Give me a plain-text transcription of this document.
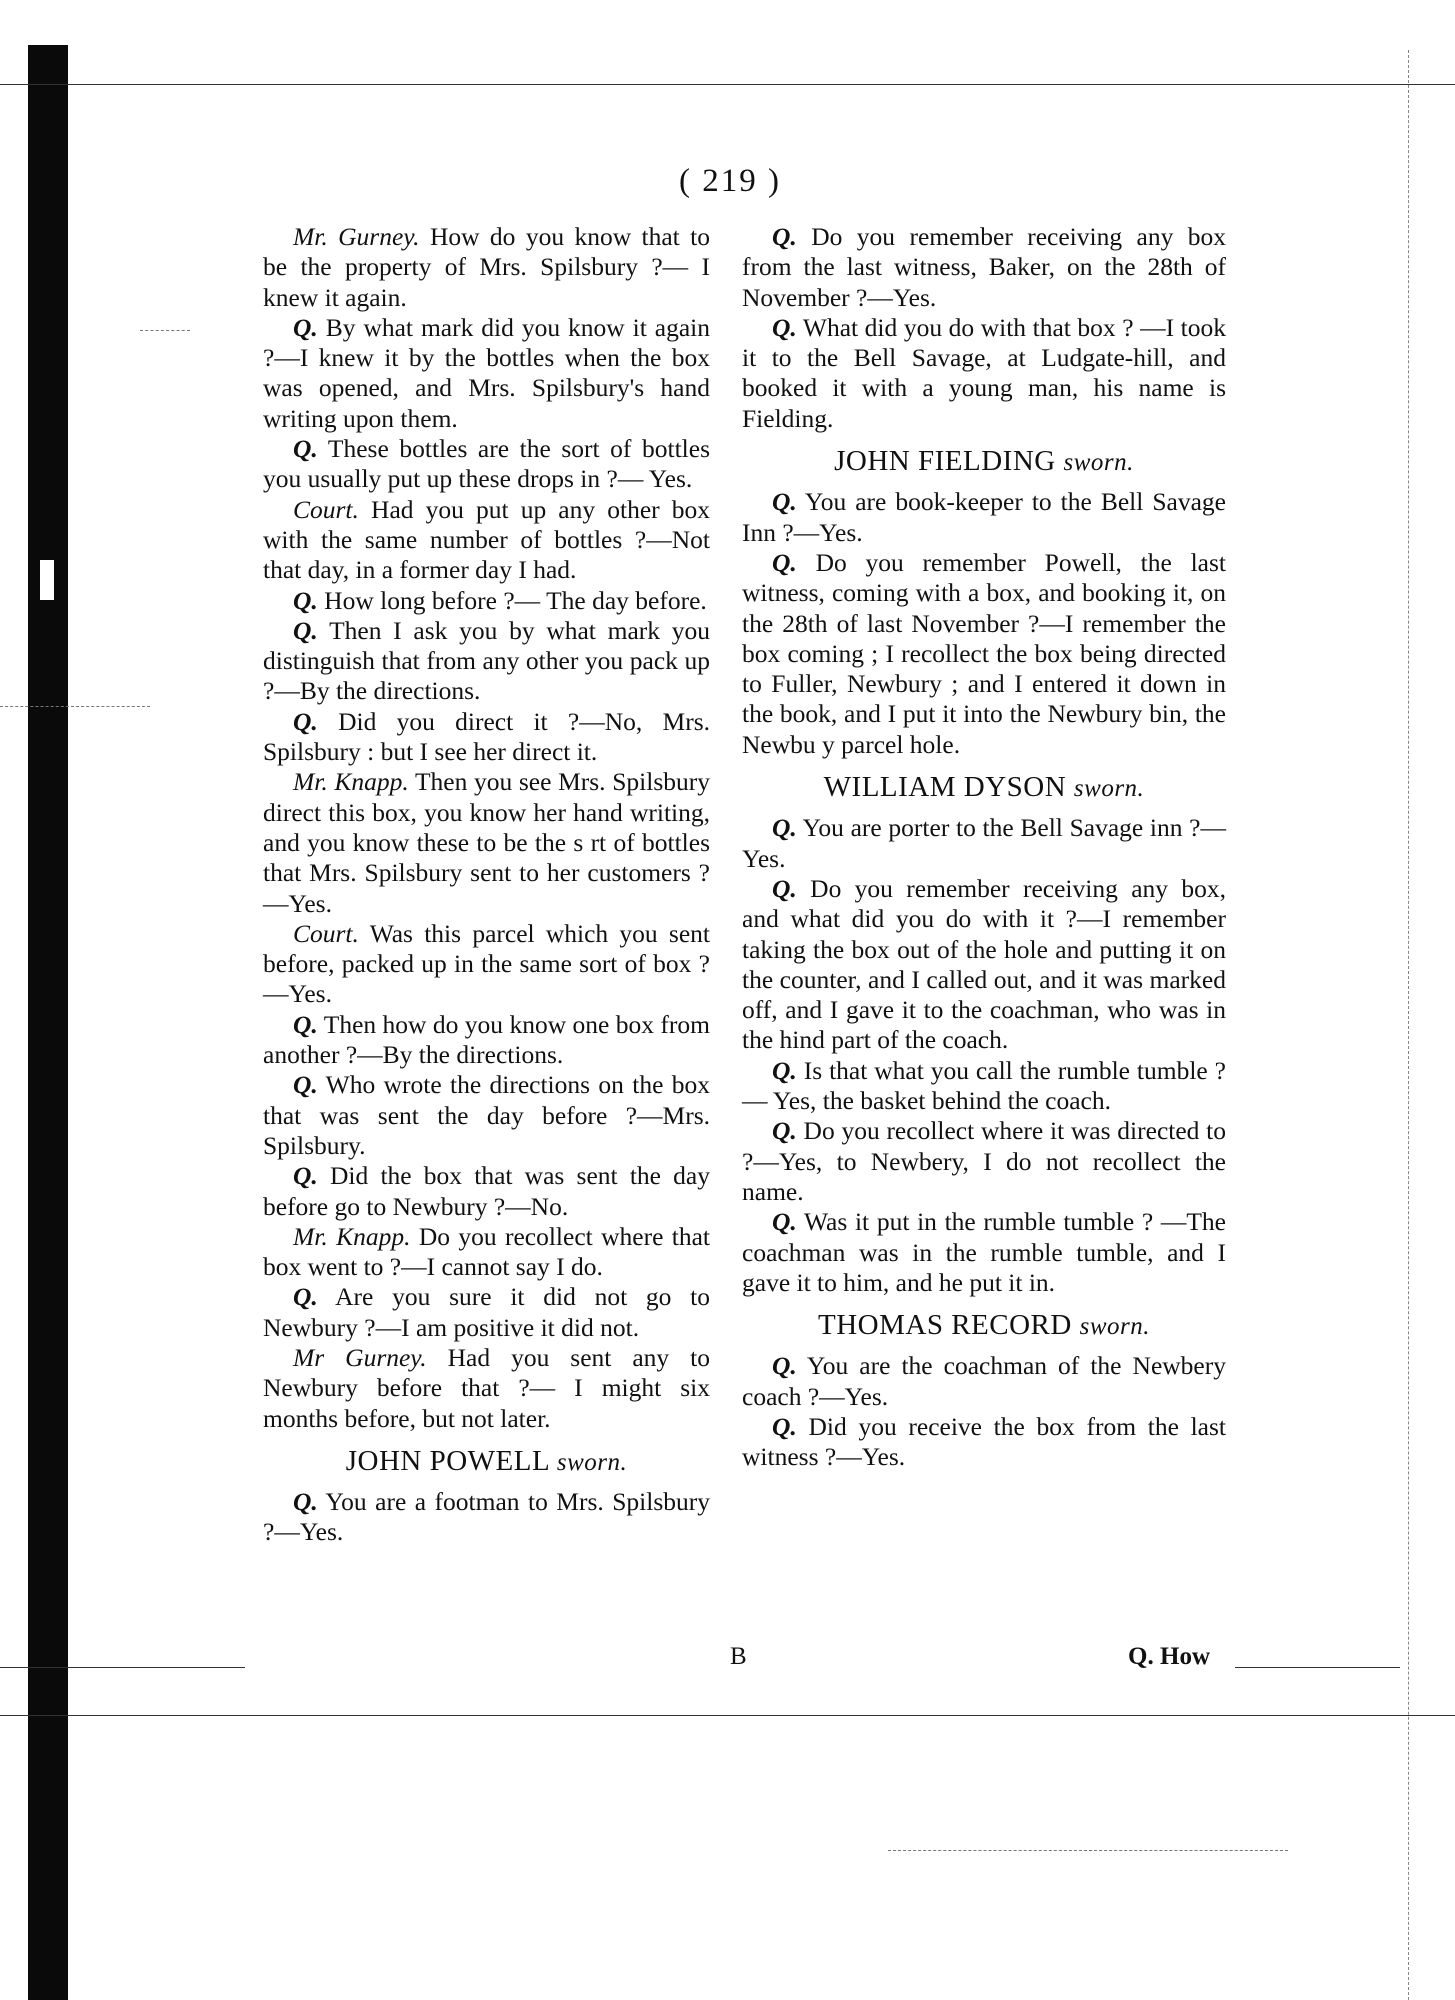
( 219 )

Mr. Gurney. How do you know that to be the property of Mrs. Spilsbury ?— I knew it again.

Q. By what mark did you know it again ?—I knew it by the bottles when the box was opened, and Mrs. Spilsbury's hand writing upon them.

Q. These bottles are the sort of bottles you usually put up these drops in ?— Yes.

Court. Had you put up any other box with the same number of bottles ?—Not that day, in a former day I had.

Q. How long before ?— The day before.

Q. Then I ask you by what mark you distinguish that from any other you pack up ?—By the directions.

Q. Did you direct it ?—No, Mrs. Spilsbury : but I see her direct it.

Mr. Knapp. Then you see Mrs. Spilsbury direct this box, you know her hand writing, and you know these to be the s rt of bottles that Mrs. Spilsbury sent to her customers ?—Yes.

Court. Was this parcel which you sent before, packed up in the same sort of box ?—Yes.

Q. Then how do you know one box from another ?—By the directions.

Q. Who wrote the directions on the box that was sent the day before ?—Mrs. Spilsbury.

Q. Did the box that was sent the day before go to Newbury ?—No.

Mr. Knapp. Do you recollect where that box went to ?—I cannot say I do.

Q. Are you sure it did not go to Newbury ?—I am positive it did not.

Mr Gurney. Had you sent any to Newbury before that ?— I might six months before, but not later.

JOHN POWELL sworn.

Q. You are a footman to Mrs. Spilsbury ?—Yes.

Q. Do you remember receiving any box from the last witness, Baker, on the 28th of November ?—Yes.

Q. What did you do with that box ? —I took it to the Bell Savage, at Ludgate-hill, and booked it with a young man, his name is Fielding.

JOHN FIELDING sworn.

Q. You are book-keeper to the Bell Savage Inn ?—Yes.

Q. Do you remember Powell, the last witness, coming with a box, and booking it, on the 28th of last November ?—I remember the box coming ; I recollect the box being directed to Fuller, Newbury ; and I entered it down in the book, and I put it into the Newbury bin, the Newbu y parcel hole.

WILLIAM DYSON sworn.

Q. You are porter to the Bell Savage inn ?—Yes.

Q. Do you remember receiving any box, and what did you do with it ?—I remember taking the box out of the hole and putting it on the counter, and I called out, and it was marked off, and I gave it to the coachman, who was in the hind part of the coach.

Q. Is that what you call the rumble tumble ?— Yes, the basket behind the coach.

Q. Do you recollect where it was directed to ?—Yes, to Newbery, I do not recollect the name.

Q. Was it put in the rumble tumble ? —The coachman was in the rumble tumble, and I gave it to him, and he put it in.

THOMAS RECORD sworn.

Q. You are the coachman of the Newbery coach ?—Yes.

Q. Did you receive the box from the last witness ?—Yes.

B	Q. How
